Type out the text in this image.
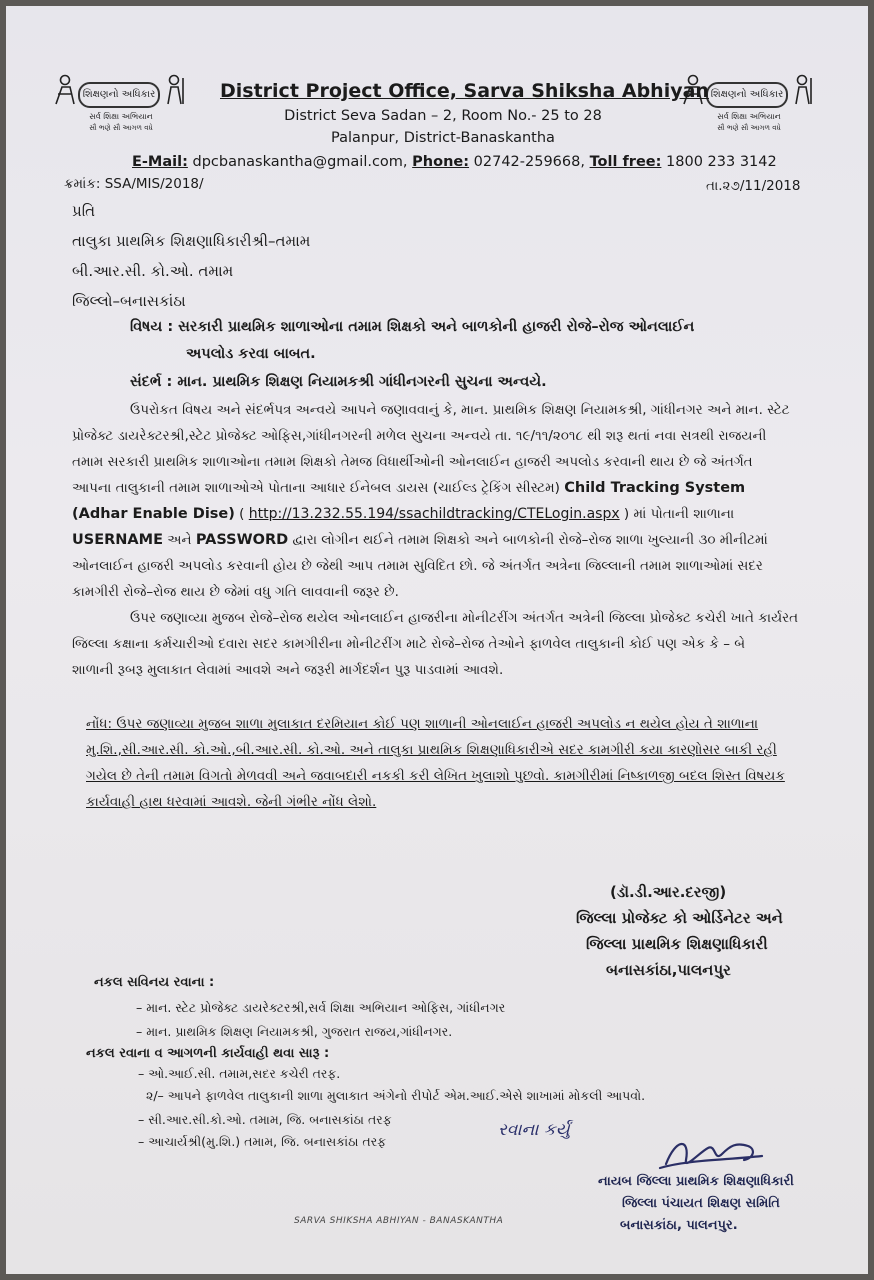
શિક્ષણનો અધિકાર
સર્વ શિક્ષા અભિયાન
સૌ ભણે સૌ આગળ વધે
શિક્ષણનો અધિકાર
સર્વ શિક્ષા અભિયાન
સૌ ભણે સૌ આગળ વધે
District Project Office, Sarva Shiksha Abhiyan
District Seva Sadan – 2, Room No.- 25 to 28
Palanpur, District-Banaskantha
E-Mail: dpcbanaskantha@gmail.com, Phone: 02742-259668, Toll free: 1800 233 3142
ક્રમાંક: SSA/MIS/2018/	તા.૨૭/11/2018
પ્રતિ
તાલુકા પ્રાથમિક શિક્ષણાધિકારીશ્રી–તમામ
બી.આર.સી. કો.ઓ. તમામ
જિલ્લો–બનાસકાંઠા
વિષય : સરકારી પ્રાથમિક શાળાઓના તમામ શિક્ષકો અને બાળકોની હાજરી રોજે–રોજ ઓનલાઈન
અપલોડ કરવા બાબત.
સંદર્ભ : માન. પ્રાથમિક શિક્ષણ નિયામકશ્રી ગાંધીનગરની સુચના અન્વયે.
ઉપરોકત વિષય અને સંદર્ભપત્ર અન્વયે આપને જણાવવાનું કે, માન. પ્રાથમિક શિક્ષણ નિયામકશ્રી, ગાંધીનગર અને માન. સ્ટેટ
પ્રોજેક્ટ ડાયરેક્ટરશ્રી,સ્ટેટ પ્રોજેક્ટ ઓફિસ,ગાંધીનગરની મળેલ સુચના અન્વયે તા. ૧૯/૧૧/૨૦૧૮ થી શરૂ થતાં નવા સત્રથી રાજયની
તમામ સરકારી પ્રાથમિક શાળાઓના તમામ શિક્ષકો તેમજ વિધાર્થીઓની ઓનલાઈન હાજરી અપલોડ કરવાની થાય છે જે અંતર્ગત
આપના તાલુકાની તમામ શાળાઓએ પોતાના આધાર ઈનેબલ ડાયસ (ચાઈલ્ડ ટ્રેકિંગ સીસ્ટમ) Child Tracking System
(Adhar Enable Dise) ( http://13.232.55.194/ssachildtracking/CTELogin.aspx ) માં પોતાની શાળાના
USERNAME અને PASSWORD દ્વારા લોગીન થઈને તમામ શિક્ષકો અને બાળકોની રોજે–રોજ શાળા ખુલ્યાની ૩૦ મીનીટમાં
ઓનલાઈન હાજરી અપલોડ કરવાની હોય છે જેથી આપ તમામ સુવિદિત છો. જે અંતર્ગત અત્રેના જિલ્લાની તમામ શાળાઓમાં સદર
કામગીરી રોજે–રોજ થાય છે જેમાં વધુ ગતિ લાવવાની જરૂર છે.
ઉપર જણાવ્યા મુજબ રોજે–રોજ થયેલ ઓનલાઈન હાજરીના મોનીટરીંગ અંતર્ગત અત્રેની જિલ્લા પ્રોજેક્ટ કચેરી ખાતે કાર્યરત
જિલ્લા કક્ષાના કર્મચારીઓ દવારા સદર કામગીરીના મોનીટરીંગ માટે રોજે–રોજ તેઓને ફાળવેલ તાલુકાની કોઈ પણ એક કે – બે
શાળાની રૂબરૂ મુલાકાત લેવામાં આવશે અને જરૂરી માર્ગદર્શન પુરૂ પાડવામાં આવશે.
નોંધ: ઉપર જણાવ્યા મુજબ શાળા મુલાકાત દરમિયાન કોઈ પણ શાળાની ઓનલાઈન હાજરી અપલોડ ન થયેલ હોય તે શાળાના
મુ.શિ.,સી.આર.સી. કો.ઓ.,બી.આર.સી. કો.ઓ. અને તાલુકા પ્રાથમિક શિક્ષણાધિકારીએ સદર કામગીરી કયા કારણોસર બાકી રહી
ગયેલ છે તેની તમામ વિગતો મેળવવી અને જવાબદારી નકકી કરી લેખિત ખુલાશો પુછવો. કામગીરીમાં નિષ્કાળજી બદલ શિસ્ત વિષયક
કાર્યવાહી હાથ ધરવામાં આવશે. જેની ગંભીર નોંધ લેશો.
(ડૉ.ડી.આર.દરજી)
જિલ્લા પ્રોજેક્ટ કો ઓર્ડિનેટર અને
જિલ્લા પ્રાથમિક શિક્ષણાધિકારી
બનાસકાંઠા,પાલનપુર
નકલ સવિનય રવાના :
– માન. સ્ટેટ પ્રોજેક્ટ ડાયરેક્ટરશ્રી,સર્વ શિક્ષા અભિયાન ઓફિસ, ગાંધીનગર
– માન. પ્રાથમિક શિક્ષણ નિયામકશ્રી, ગુજરાત રાજય,ગાંધીનગર.
નકલ રવાના વ આગળની કાર્યવાહી થવા સારૂ :
– ઓ.આઈ.સી. તમામ,સદર કચેરી તરફ.
૨/– આપને ફાળવેલ તાલુકાની શાળા મુલાકાત અંગેનો રીપોર્ટ એમ.આઈ.એસે શાખામાં મોકલી આપવો.
– સી.આર.સી.કો.ઓ. તમામ, જિ. બનાસકાંઠા તરફ
– આચાર્યશ્રી(મુ.શિ.) તમામ, જિ. બનાસકાંઠા તરફ
રવાના કર્યું
નાયબ જિલ્લા પ્રાથમિક શિક્ષણાધિકારી
જિલ્લા પંચાયત શિક્ષણ સમિતિ
બનાસકાંઠા, પાલનપુર.
SARVA SHIKSHA ABHIYAN - BANASKANTHA
